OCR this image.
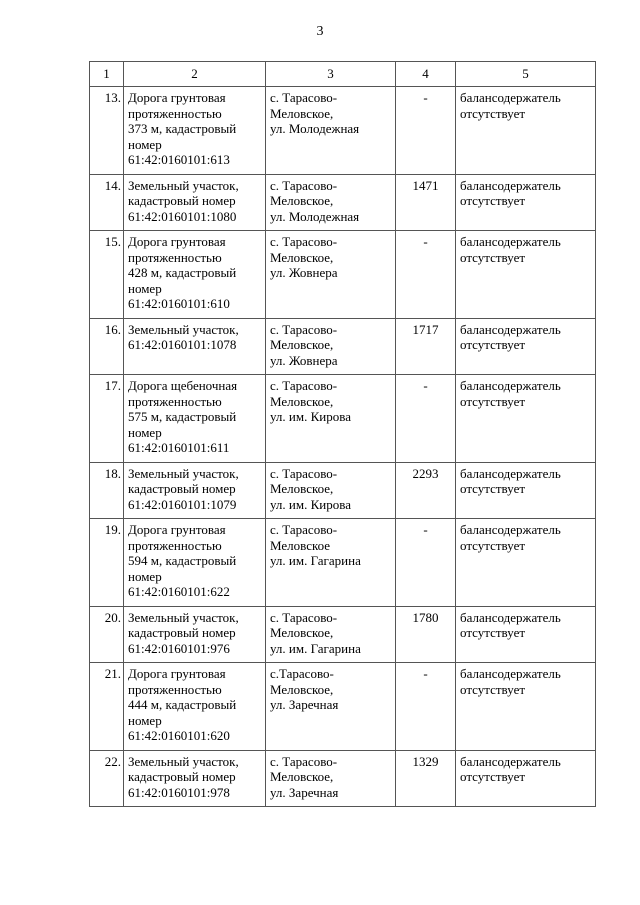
3
1	2	3	4	5
13.	Дорога грунтовая
протяженностью
373 м, кадастровый
номер
61:42:0160101:613	с. Тарасово-
Меловское,
ул. Молодежная	-	балансодержатель
отсутствует
14.	Земельный участок,
кадастровый номер
61:42:0160101:1080	с. Тарасово-
Меловское,
ул. Молодежная	1471	балансодержатель
отсутствует
15.	Дорога грунтовая
протяженностью
428 м, кадастровый
номер
61:42:0160101:610	с. Тарасово-
Меловское,
ул. Жовнера	-	балансодержатель
отсутствует
16.	Земельный участок,
61:42:0160101:1078	с. Тарасово-
Меловское,
ул. Жовнера	1717	балансодержатель
отсутствует
17.	Дорога щебеночная
протяженностью
575 м, кадастровый
номер
61:42:0160101:611	с. Тарасово-
Меловское,
ул. им. Кирова	-	балансодержатель
отсутствует
18.	Земельный участок,
кадастровый номер
61:42:0160101:1079	с. Тарасово-
Меловское,
ул. им. Кирова	2293	балансодержатель
отсутствует
19.	Дорога грунтовая
протяженностью
594 м, кадастровый
номер
61:42:0160101:622	с. Тарасово-
Меловское
ул. им. Гагарина	-	балансодержатель
отсутствует
20.	Земельный участок,
кадастровый номер
61:42:0160101:976	с. Тарасово-
Меловское,
ул. им. Гагарина	1780	балансодержатель
отсутствует
21.	Дорога грунтовая
протяженностью
444 м, кадастровый
номер
61:42:0160101:620	с.Тарасово-
Меловское,
ул. Заречная	-	балансодержатель
отсутствует
22.	Земельный участок,
кадастровый номер
61:42:0160101:978	с. Тарасово-
Меловское,
ул. Заречная	1329	балансодержатель
отсутствует
